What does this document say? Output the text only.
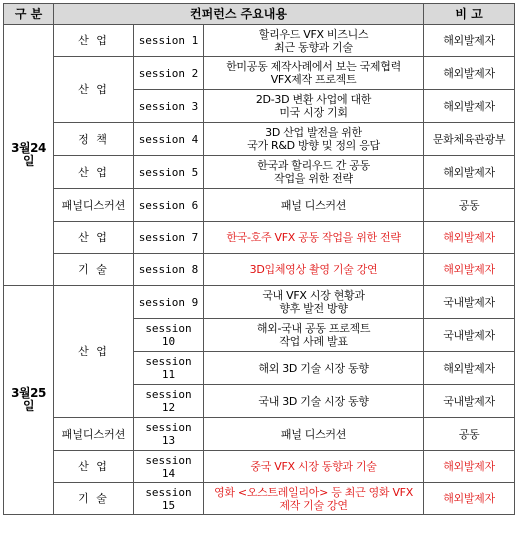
구 분	컨퍼런스 주요내용			비 고
3월24일	산 업	session 1	할리우드 VFX 비즈니스
최근 동향과 기술	해외발제자
	산 업	session 2	한미공동 제작사례에서 보는 국제협력
VFX제작 프로젝트	해외발제자
		session 3	2D-3D 변환 사업에 대한
미국 시장 기회	해외발제자
	정 책	session 4	3D 산업 발전을 위한
국가 R&D 방향 및 정의 응답	문화체육관광부
	산 업	session 5	한국과 할리우드 간 공동
작업을 위한 전략	해외발제자
	패널디스커션	session 6	패널 디스커션	공동
	산 업	session 7	한국-호주 VFX 공동 작업을 위한 전략	해외발제자
	기 술	session 8	3D입체영상 촬영 기술 강연	해외발제자
3월25일	산 업	session 9	국내 VFX 시장 현황과
향후 발전 방향	국내발제자
		session 10	해외-국내 공동 프로젝트
작업 사례 발표	국내발제자
		session 11	해외 3D 기술 시장 동향	해외발제자
		session 12	국내 3D 기술 시장 동향	국내발제자
	패널디스커션	session 13	패널 디스커션	공동
	산 업	session 14	중국 VFX 시장 동향과 기술	해외발제자
	기 술	session 15	영화 <오스트레일리아> 등 최근 영화 VFX
제작 기술 강연	해외발제자
